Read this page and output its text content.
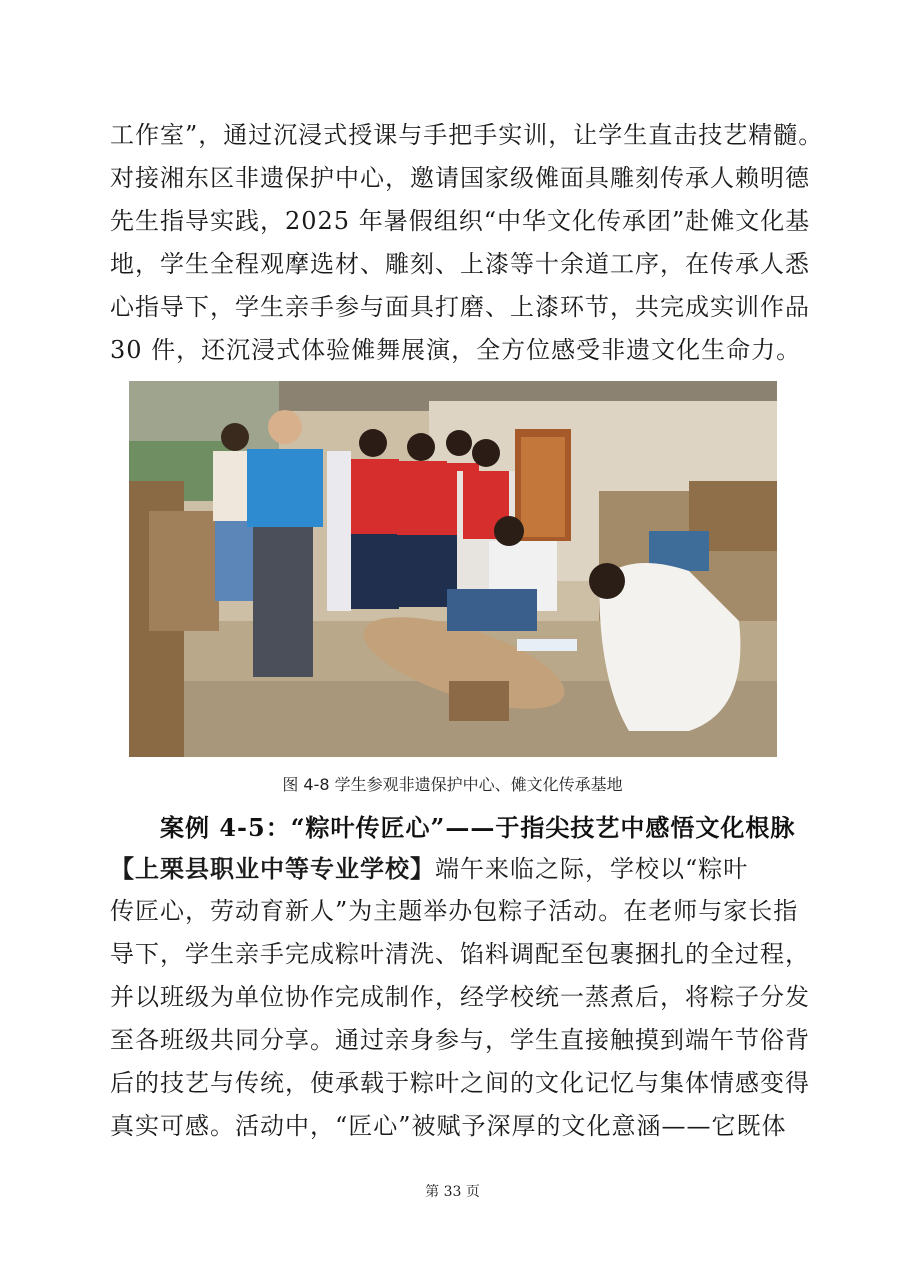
工作室”，通过沉浸式授课与手把手实训，让学生直击技艺精髓。
对接湘东区非遗保护中心，邀请国家级傩面具雕刻传承人赖明德
先生指导实践，2025 年暑假组织“中华文化传承团”赴傩文化基
地，学生全程观摩选材、雕刻、上漆等十余道工序，在传承人悉
心指导下，学生亲手参与面具打磨、上漆环节，共完成实训作品
30 件，还沉浸式体验傩舞展演，全方位感受非遗文化生命力。

图 4-8 学生参观非遗保护中心、傩文化传承基地

案例 4-5：“粽叶传匠心”——于指尖技艺中感悟文化根脉
【上栗县职业中等专业学校】端午来临之际，学校以“粽叶
传匠心，劳动育新人”为主题举办包粽子活动。在老师与家长指
导下，学生亲手完成粽叶清洗、馅料调配至包裹捆扎的全过程，
并以班级为单位协作完成制作，经学校统一蒸煮后，将粽子分发
至各班级共同分享。通过亲身参与，学生直接触摸到端午节俗背
后的技艺与传统，使承载于粽叶之间的文化记忆与集体情感变得
真实可感。活动中，“匠心”被赋予深厚的文化意涵——它既体
第 33 页
